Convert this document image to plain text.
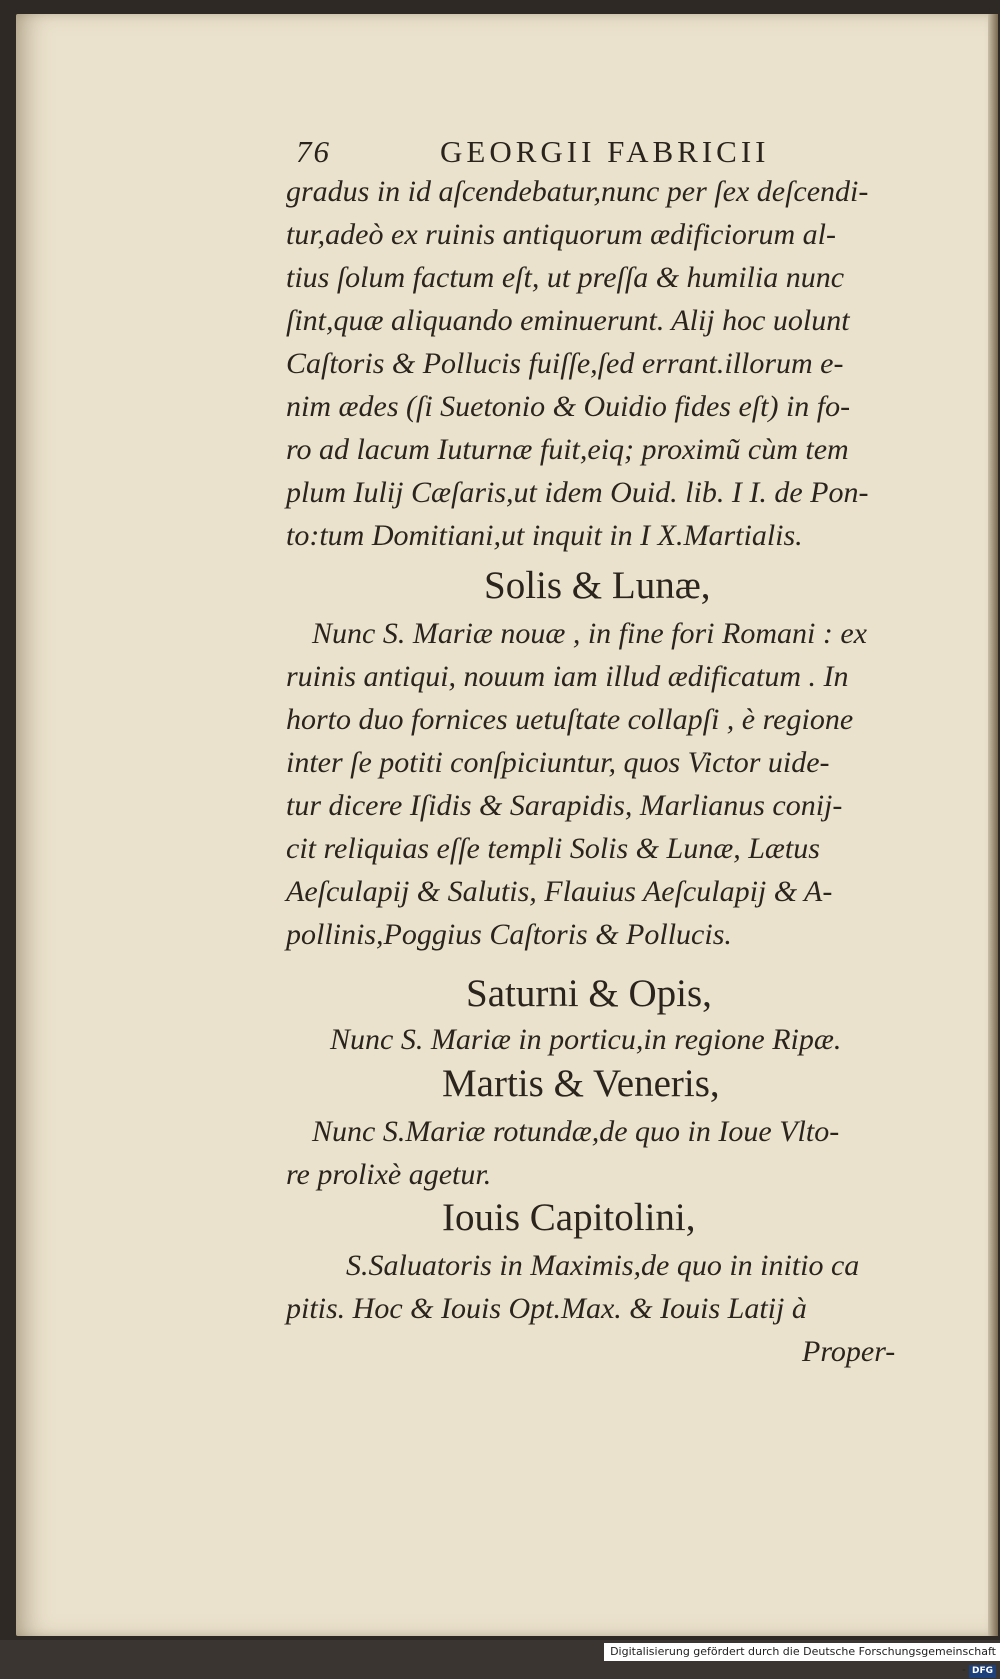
76	GEORGII FABRICII
gradus in id aſcendebatur,nunc per ſex deſcendi-
tur,adeò ex ruinis antiquorum ædificiorum al-
tius ſolum factum eſt, ut preſſa & humilia nunc
ſint,quæ aliquando eminuerunt. Alij hoc uolunt
Caſtoris & Pollucis fuiſſe,ſed errant.illorum e-
nim ædes (ſi Suetonio & Ouidio fides eſt) in fo-
ro ad lacum Iuturnæ fuit,eiq; proximũ cùm tem
plum Iulij Cæſaris,ut idem Ouid. lib. I I. de Pon-
to:tum Domitiani,ut inquit in I X.Martialis.
Solis & Lunæ,
Nunc S. Mariæ nouæ , in fine fori Romani : ex
ruinis antiqui, nouum iam illud ædificatum . In
horto duo fornices uetuſtate collapſi , è regione
inter ſe potiti conſpiciuntur, quos Victor uide-
tur dicere Iſidis & Sarapidis, Marlianus conij-
cit reliquias eſſe templi Solis & Lunæ, Lætus
Aeſculapij & Salutis, Flauius Aeſculapij & A-
pollinis,Poggius Caſtoris & Pollucis.
Saturni & Opis,
Nunc S. Mariæ in porticu,in regione Ripæ.
Martis & Veneris,
Nunc S.Mariæ rotundæ,de quo in Ioue Vlto-
re prolixè agetur.
Iouis Capitolini,
S.Saluatoris in Maximis,de quo in initio ca
pitis. Hoc & Iouis Opt.Max. & Iouis Latij à
Proper-
Digitalisierung gefördert durch die Deutsche Forschungsgemeinschaft - DFG
